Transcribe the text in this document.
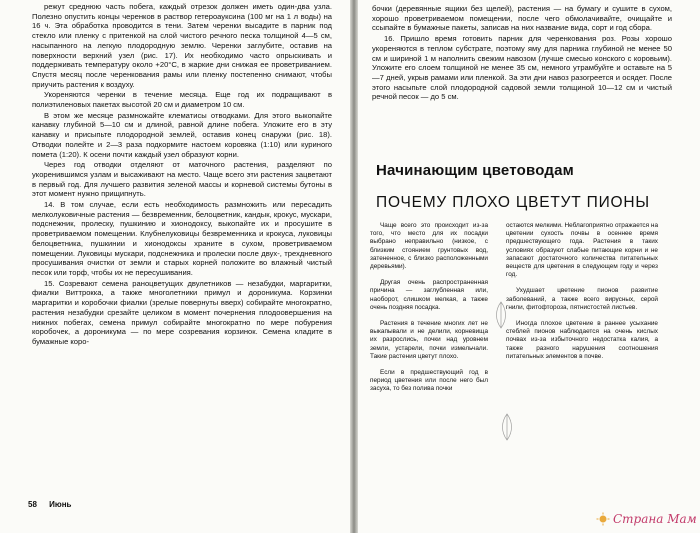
режут среднюю часть побега, каждый отрезок должен иметь один-два узла. Полезно опустить концы черенков в раствор гетероауксина (100 мг на 1 л воды) на 16 ч. Эта обработка проводится в тени. Затем черенки высадите в парник под стекло или пленку с притенкой на слой чистого речного песка толщиной 4—5 см, насыпанного на легкую плодородную землю. Черенки заглубите, оставив на поверхности верхний узел (рис. 17). Их необходимо часто опрыскивать и поддерживать температуру около +20°С, в жаркие дни снижая ее проветриванием. Спустя месяц после черенкования рамы или пленку постепенно снимают, чтобы приучить растения к воздуху.

Укореняются черенки в течение месяца. Еще год их подращивают в полиэтиленовых пакетах высотой 20 см и диаметром 10 см.

В этом же месяце размножайте клематисы отводками. Для этого выкопайте канавку глубиной 5—10 см и длиной, равной длине побега. Уложите его в эту канавку и присыпьте плодородной землей, оставив конец снаружи (рис. 18). Отводки полейте и 2—3 раза подкормите настоем коровяка (1:10) или куриного помета (1:20). К осени почти каждый узел образуют корни.

Через год отводки отделяют от маточного растения, разделяют по укоренившимся узлам и высаживают на место. Чаще всего эти растения зацветают в первый год. Для лучшего развития зеленой массы и корневой системы бутоны в этот момент нужно прищипнуть.

14. В том случае, если есть необходимость размножить или пересадить мелколуковичные растения — безвременник, белоцветник, кандык, крокус, мускари, подснежник, пролеску, пушкинию и хионодоксу, выкопайте их и просушите в проветриваемом помещении. Клубнелуковицы безвременника и крокуса, луковицы белоцветника, пушкинии и хионодоксы храните в сухом, проветриваемом помещении. Луковицы мускари, подснежника и пролески после двух-, трехдневного просушивания очистки от земли и старых корней положите во влажный чистый песок или торф, чтобы их не пересушивания.

15. Созревают семена раноцветущих двулетников — незабудки, маргаритки, фиалки Виттрокка, а также многолетники примул и дороникума. Корзинки маргаритки и коробочки фиалки (зрелые повернуты вверх) собирайте многократно, растения незабудки срезайте целиком в момент почернения плодоовершения на нижних побегах, семена примул собирайте многократно по мере побурения коробочек, а дороникума — по мере созревания корзинок. Семена кладите в бумажные коро-

58 Июнь

бочки (деревянные ящики без щелей), растения — на бумагу и сушите в сухом, хорошо проветриваемом помещении, после чего обмолачивайте, очищайте и ссыпайте в бумажные пакеты, записав на них название вида, сорт и год сбора.

16. Пришло время готовить парник для черенкования роз. Розы хорошо укореняются в теплом субстрате, поэтому яму для парника глубиной не менее 50 см и шириной 1 м наполнить свежим навозом (лучше смесью конского с коровьим). Уложите его слоем толщиной не менее 35 см, немного утрамбуйте и оставьте на 5—7 дней, укрыв рамами или пленкой. За эти дни навоз разогреется и осядет. После этого насыпьте слой плодородной садовой земли толщиной 10—12 см и чистый речной песок — до 5 см.

Начинающим цветоводам
ПОЧЕМУ ПЛОХО ЦВЕТУТ ПИОНЫ

Чаще всего это происходит из-за того, что место для их посадки выбрано неправильно (низкое, с близким стоянием грунтовых вод, затененное, с близко расположенными деревьями).

Другая очень распространенная причина — заглубленная или, наоборот, слишком мелкая, а также очень поздняя посадка.

Растения в течение многих лет не выкапывали и не делили, корневища их разрослись, почки над уровнем земли, устарели, почки измельчали. Такие растения цветут плохо.

Если в предшествующий год в период цветения или после него был засуха, то без полива почки

остаются мелкими. Неблагоприятно отражается на цветении сухость почвы в осеннее время предшествующего года. Растения в таких условиях образуют слабые питающие корни и не запасают достаточного количества питательных веществ для цветения в следующем году и через год.

Ухудшает цветение пионов развитие заболеваний, а также всего вирусных, серой гнили, фитофтороза, пятнистостей листьев.

Иногда плохое цветение в раннее усыхание стеблей пионов наблюдается на очень кислых почвах из-за избыточного недостатка калия, а также разного нарушения соотношения питательных элементов в почве.

Страна Мам
